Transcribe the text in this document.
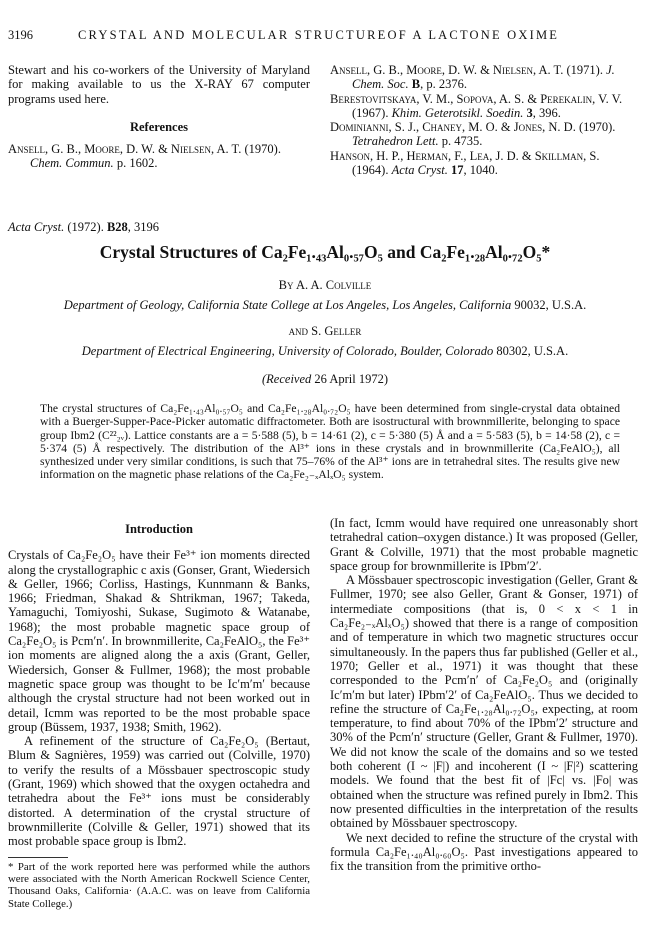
3196	CRYSTAL AND MOLECULAR STRUCTUREOF A LACTONE OXIME

Stewart and his co-workers of the University of Maryland for making available to us the X-RAY 67 computer programs used here.

References

Ansell, G. B., Moore, D. W. & Nielsen, A. T. (1970). Chem. Commun. p. 1602.

Ansell, G. B., Moore, D. W. & Nielsen, A. T. (1971). J. Chem. Soc. B, p. 2376.

Berestovitskaya, V. M., Sopova, A. S. & Perekalin, V. V. (1967). Khim. Geterotsikl. Soedin. 3, 396.

Dominianni, S. J., Chaney, M. O. & Jones, N. D. (1970). Tetrahedron Lett. p. 4735.

Hanson, H. P., Herman, F., Lea, J. D. & Skillman, S. (1964). Acta Cryst. 17, 1040.

Acta Cryst. (1972). B28, 3196
Crystal Structures of Ca₂Fe₁.₄₃Al₀.₅₇O₅ and Ca₂Fe₁.₂₈Al₀.₇₂O₅*
By A. A. Colville
Department of Geology, California State College at Los Angeles, Los Angeles, California 90032, U.S.A.
and S. Geller
Department of Electrical Engineering, University of Colorado, Boulder, Colorado 80302, U.S.A.
(Received 26 April 1972)
The crystal structures of Ca₂Fe₁.₄₃Al₀.₅₇O₅ and Ca₂Fe₁.₂₈Al₀.₇₂O₅ have been determined from single-crystal data obtained with a Buerger-Supper-Pace-Picker automatic diffractometer. Both are isostructural with brownmillerite, belonging to space group Ibm2 (C²²₂ᵥ). Lattice constants are a = 5·588 (5), b = 14·61 (2), c = 5·380 (5) Å and a = 5·583 (5), b = 14·58 (2), c = 5·374 (5) Å respectively. The distribution of the Al³⁺ ions in these crystals and in brownmillerite (Ca₂FeAlO₅), all synthesized under very similar conditions, is such that 75–76% of the Al³⁺ ions are in tetrahedral sites. The results give new information on the magnetic phase relations of the Ca₂Fe₂₋ₓAlₓO₅ system.
Introduction

Crystals of Ca₂Fe₂O₅ have their Fe³⁺ ion moments directed along the crystallographic c axis (Gonser, Grant, Wiedersich & Geller, 1966; Corliss, Hastings, Kunnmann & Banks, 1966; Friedman, Shakad & Shtrikman, 1967; Takeda, Yamaguchi, Tomiyoshi, Sukase, Sugimoto & Watanabe, 1968); the most probable magnetic space group of Ca₂Fe₂O₅ is Pcm′n′. In brownmillerite, Ca₂FeAlO₅, the Fe³⁺ ion moments are aligned along the a axis (Grant, Geller, Wiedersich, Gonser & Fullmer, 1968); the most probable magnetic space group was thought to be Ic′m′m′ because although the crystal structure had not been worked out in detail, Icmm was reported to be the most probable space group (Büssem, 1937, 1938; Smith, 1962).

A refinement of the structure of Ca₂Fe₂O₅ (Bertaut, Blum & Sagnières, 1959) was carried out (Colville, 1970) to verify the results of a Mössbauer spectroscopic study (Grant, 1969) which showed that the oxygen octahedra and tetrahedra about the Fe³⁺ ions must be considerably distorted. A determination of the crystal structure of brownmillerite (Colville & Geller, 1971) showed that its most probable space group is Ibm2.

* Part of the work reported here was performed while the authors were associated with the North American Rockwell Science Center, Thousand Oaks, California· (A.A.C. was on leave from California State College.)

(In fact, Icmm would have required one unreasonably short tetrahedral cation–oxygen distance.) It was proposed (Geller, Grant & Colville, 1971) that the most probable magnetic space group for brownmillerite is IPbm′2′.

A Mössbauer spectroscopic investigation (Geller, Grant & Fullmer, 1970; see also Geller, Grant & Gonser, 1971) of intermediate compositions (that is, 0 < x < 1 in Ca₂Fe₂₋ₓAlₓO₅) showed that there is a range of composition and of temperature in which two magnetic structures occur simultaneously. In the papers thus far published (Geller et al., 1970; Geller et al., 1971) it was thought that these corresponded to the Pcm′n′ of Ca₂Fe₂O₅ and (originally Ic′m′m but later) IPbm′2′ of Ca₂FeAlO₅. Thus we decided to refine the structure of Ca₂Fe₁.₂₈Al₀.₇₂O₅, expecting, at room temperature, to find about 70% of the IPbm′2′ structure and 30% of the Pcm′n′ structure (Geller, Grant & Fullmer, 1970). We did not know the scale of the domains and so we tested both coherent (I ~ |F|) and incoherent (I ~ |F|²) scattering models. We found that the best fit of |Fc| vs. |Fo| was obtained when the structure was refined purely in Ibm2. This now presented difficulties in the interpretation of the results obtained by Mössbauer spectroscopy.

We next decided to refine the structure of the crystal with formula Ca₂Fe₁.₄₀Al₀.₆₀O₅. Past investigations appeared to fix the transition from the primitive ortho-
